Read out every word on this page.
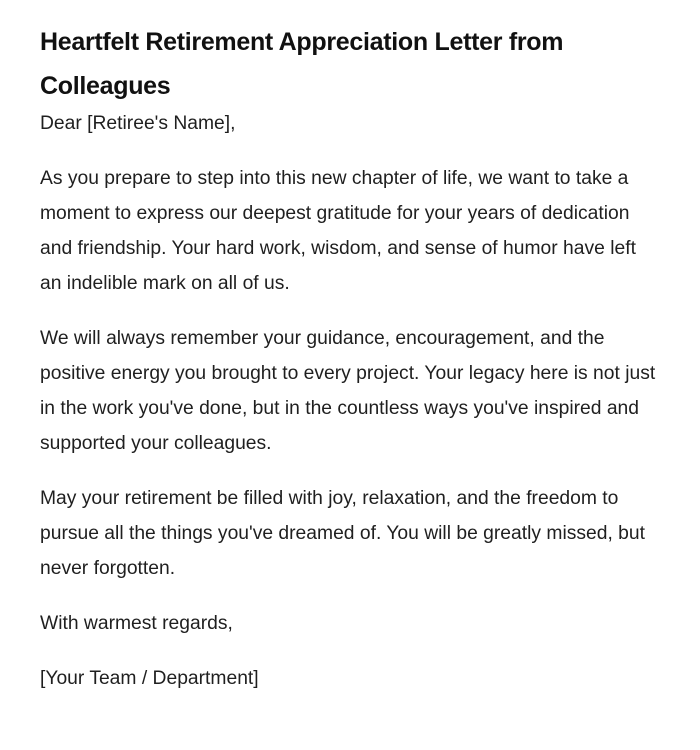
Heartfelt Retirement Appreciation Letter from Colleagues

Dear [Retiree's Name],

As you prepare to step into this new chapter of life, we want to take a moment to express our deepest gratitude for your years of dedication and friendship. Your hard work, wisdom, and sense of humor have left an indelible mark on all of us.

We will always remember your guidance, encouragement, and the positive energy you brought to every project. Your legacy here is not just in the work you've done, but in the countless ways you've inspired and supported your colleagues.

May your retirement be filled with joy, relaxation, and the freedom to pursue all the things you've dreamed of. You will be greatly missed, but never forgotten.

With warmest regards,

[Your Team / Department]
